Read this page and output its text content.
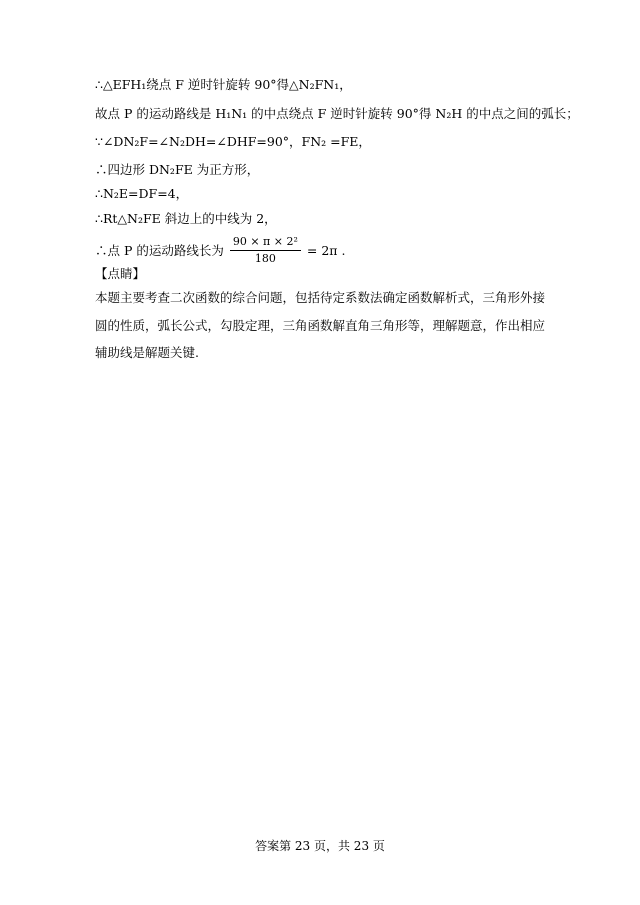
∴△EFH₁绕点 F 逆时针旋转 90°得△N₂FN₁，
故点 P 的运动路线是 H₁N₁ 的中点绕点 F 逆时针旋转 90°得 N₂H 的中点之间的弧长；
∵∠DN₂F=∠N₂DH=∠DHF=90°，FN₂ =FE，
∴四边形 DN₂FE 为正方形，
∴N₂E=DF=4，
∴Rt△N₂FE 斜边上的中线为 2，
∴点 P 的运动路线长为 $\frac{\text{90 × π × 2²}}{180} = 2\pi$ .
【点睛】
本题主要考查二次函数的综合问题，包括待定系数法确定函数解析式，三角形外接圆的性质，弧长公式，勾股定理，三角函数解直角三角形等，理解题意，作出相应辅助线是解题关键.
答案第 23 页，共 23 页
